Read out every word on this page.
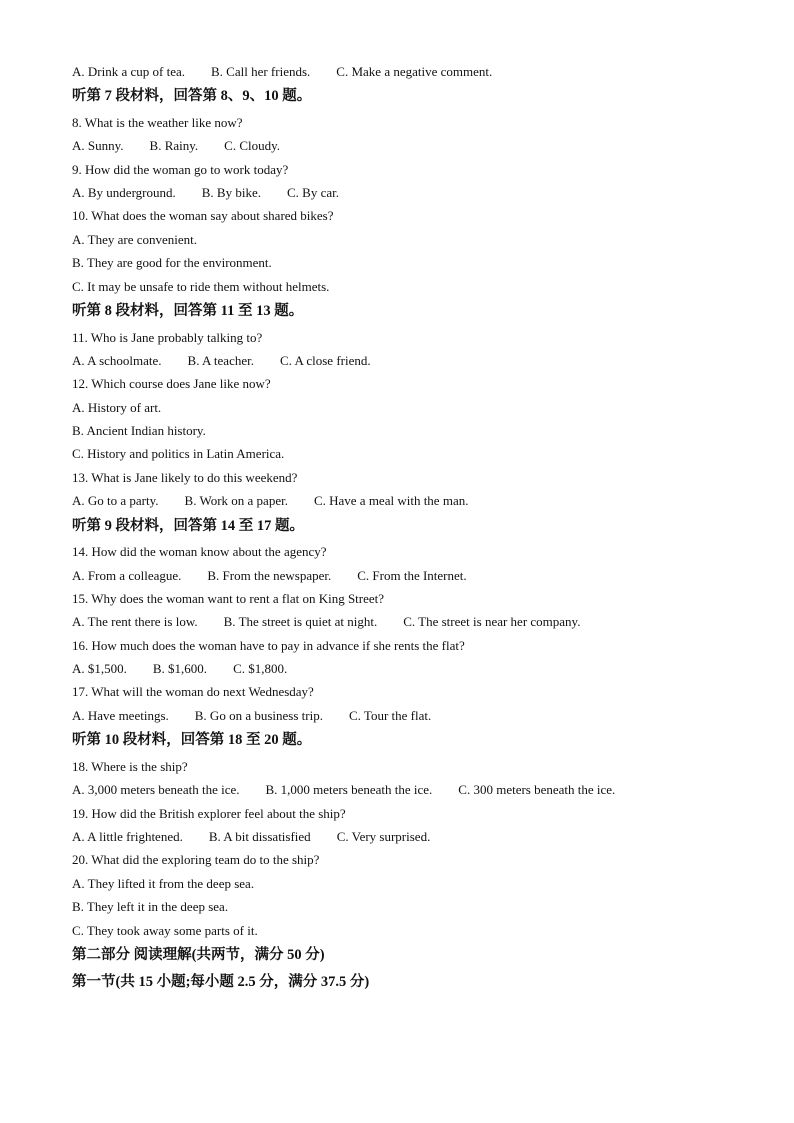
A. Drink a cup of tea. B. Call her friends. C. Make a negative comment.
听第 7 段材料，回答第 8、9、10 题。
8. What is the weather like now?
A. Sunny. B. Rainy. C. Cloudy.
9. How did the woman go to work today?
A. By underground. B. By bike. C. By car.
10. What does the woman say about shared bikes?
A. They are convenient.
B. They are good for the environment.
C. It may be unsafe to ride them without helmets.
听第 8 段材料，回答第 11 至 13 题。
11. Who is Jane probably talking to?
A. A schoolmate. B. A teacher. C. A close friend.
12. Which course does Jane like now?
A. History of art.
B. Ancient Indian history.
C. History and politics in Latin America.
13. What is Jane likely to do this weekend?
A. Go to a party. B. Work on a paper. C. Have a meal with the man.
听第 9 段材料，回答第 14 至 17 题。
14. How did the woman know about the agency?
A. From a colleague. B. From the newspaper. C. From the Internet.
15. Why does the woman want to rent a flat on King Street?
A. The rent there is low. B. The street is quiet at night. C. The street is near her company.
16. How much does the woman have to pay in advance if she rents the flat?
A. $1,500. B. $1,600. C. $1,800.
17. What will the woman do next Wednesday?
A. Have meetings. B. Go on a business trip. C. Tour the flat.
听第 10 段材料，回答第 18 至 20 题。
18. Where is the ship?
A. 3,000 meters beneath the ice. B. 1,000 meters beneath the ice. C. 300 meters beneath the ice.
19. How did the British explorer feel about the ship?
A. A little frightened. B. A bit dissatisfied C. Very surprised.
20. What did the exploring team do to the ship?
A. They lifted it from the deep sea.
B. They left it in the deep sea.
C. They took away some parts of it.
第二部分 阅读理解(共两节，满分 50 分)
第一节(共 15 小题;每小题 2.5 分，满分 37.5 分)
